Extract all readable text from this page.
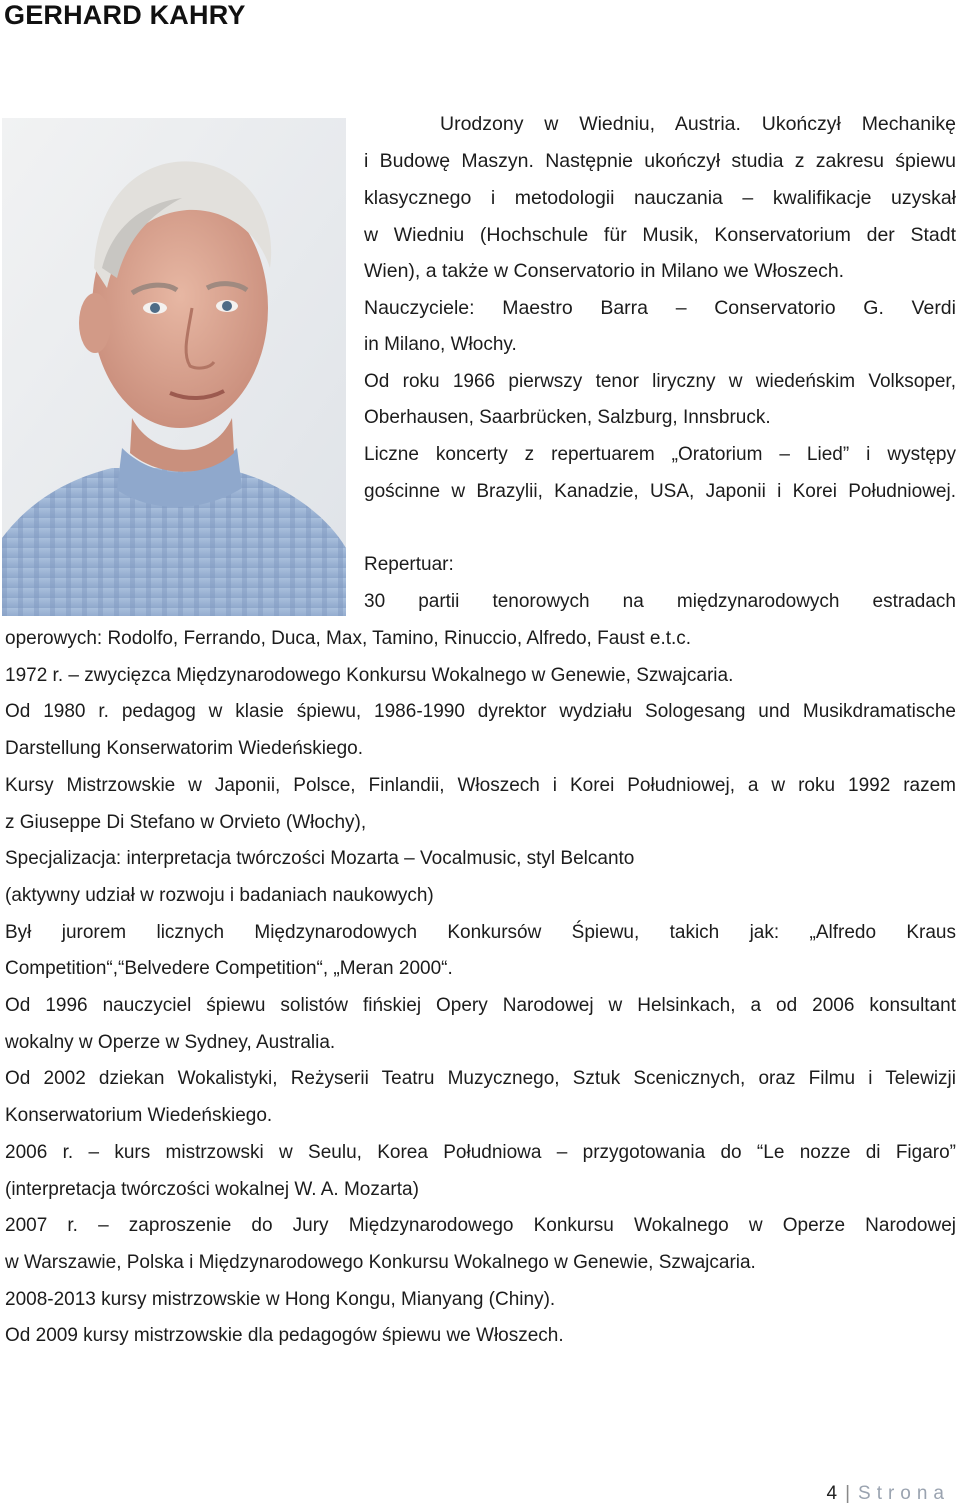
GERHARD KAHRY
Urodzony w Wiedniu, Austria. Ukończył Mechanikę
i Budowę Maszyn. Następnie ukończył studia z zakresu śpiewu
klasycznego i metodologii nauczania – kwalifikacje uzyskał
w Wiedniu (Hochschule für Musik, Konservatorium der Stadt
Wien), a także w Conservatorio in Milano we Włoszech.
Nauczyciele: Maestro Barra – Conservatorio G. Verdi
in Milano, Włochy.
Od roku 1966 pierwszy tenor liryczny w wiedeńskim Volksoper,
Oberhausen, Saarbrücken, Salzburg, Innsbruck.
Liczne koncerty z repertuarem „Oratorium – Lied” i występy
gościnne w Brazylii, Kanadzie, USA, Japonii i Korei Południowej.
Repertuar:
30 partii tenorowych na międzynarodowych estradach
operowych: Rodolfo, Ferrando, Duca, Max, Tamino, Rinuccio, Alfredo, Faust e.t.c.
1972 r. – zwycięzca Międzynarodowego Konkursu Wokalnego w Genewie, Szwajcaria.
Od 1980 r. pedagog w klasie śpiewu, 1986-1990 dyrektor wydziału Sologesang und Musikdramatische
Darstellung Konserwatorim Wiedeńskiego.
Kursy Mistrzowskie w Japonii, Polsce, Finlandii, Włoszech i Korei Południowej, a w roku 1992 razem
z Giuseppe Di Stefano w Orvieto (Włochy),
Specjalizacja: interpretacja twórczości Mozarta – Vocalmusic, styl Belcanto
(aktywny udział w rozwoju i badaniach naukowych)
Był jurorem licznych Międzynarodowych Konkursów Śpiewu, takich jak: „Alfredo Kraus
Competition“,“Belvedere Competition“, „Meran 2000“.
Od 1996 nauczyciel śpiewu solistów fińskiej Opery Narodowej w Helsinkach, a od 2006 konsultant
wokalny w Operze w Sydney, Australia.
Od 2002 dziekan Wokalistyki, Reżyserii Teatru Muzycznego, Sztuk Scenicznych, oraz Filmu i Telewizji
Konserwatorium Wiedeńskiego.
2006 r. – kurs mistrzowski w Seulu, Korea Południowa – przygotowania do “Le nozze di Figaro”
(interpretacja twórczości wokalnej W. A. Mozarta)
2007 r. – zaproszenie do Jury Międzynarodowego Konkursu Wokalnego w Operze Narodowej
w Warszawie, Polska i Międzynarodowego Konkursu Wokalnego w Genewie, Szwajcaria.
2008-2013 kursy mistrzowskie w Hong Kongu, Mianyang (Chiny).
Od 2009 kursy mistrzowskie dla pedagogów śpiewu we Włoszech.
4 | Strona
